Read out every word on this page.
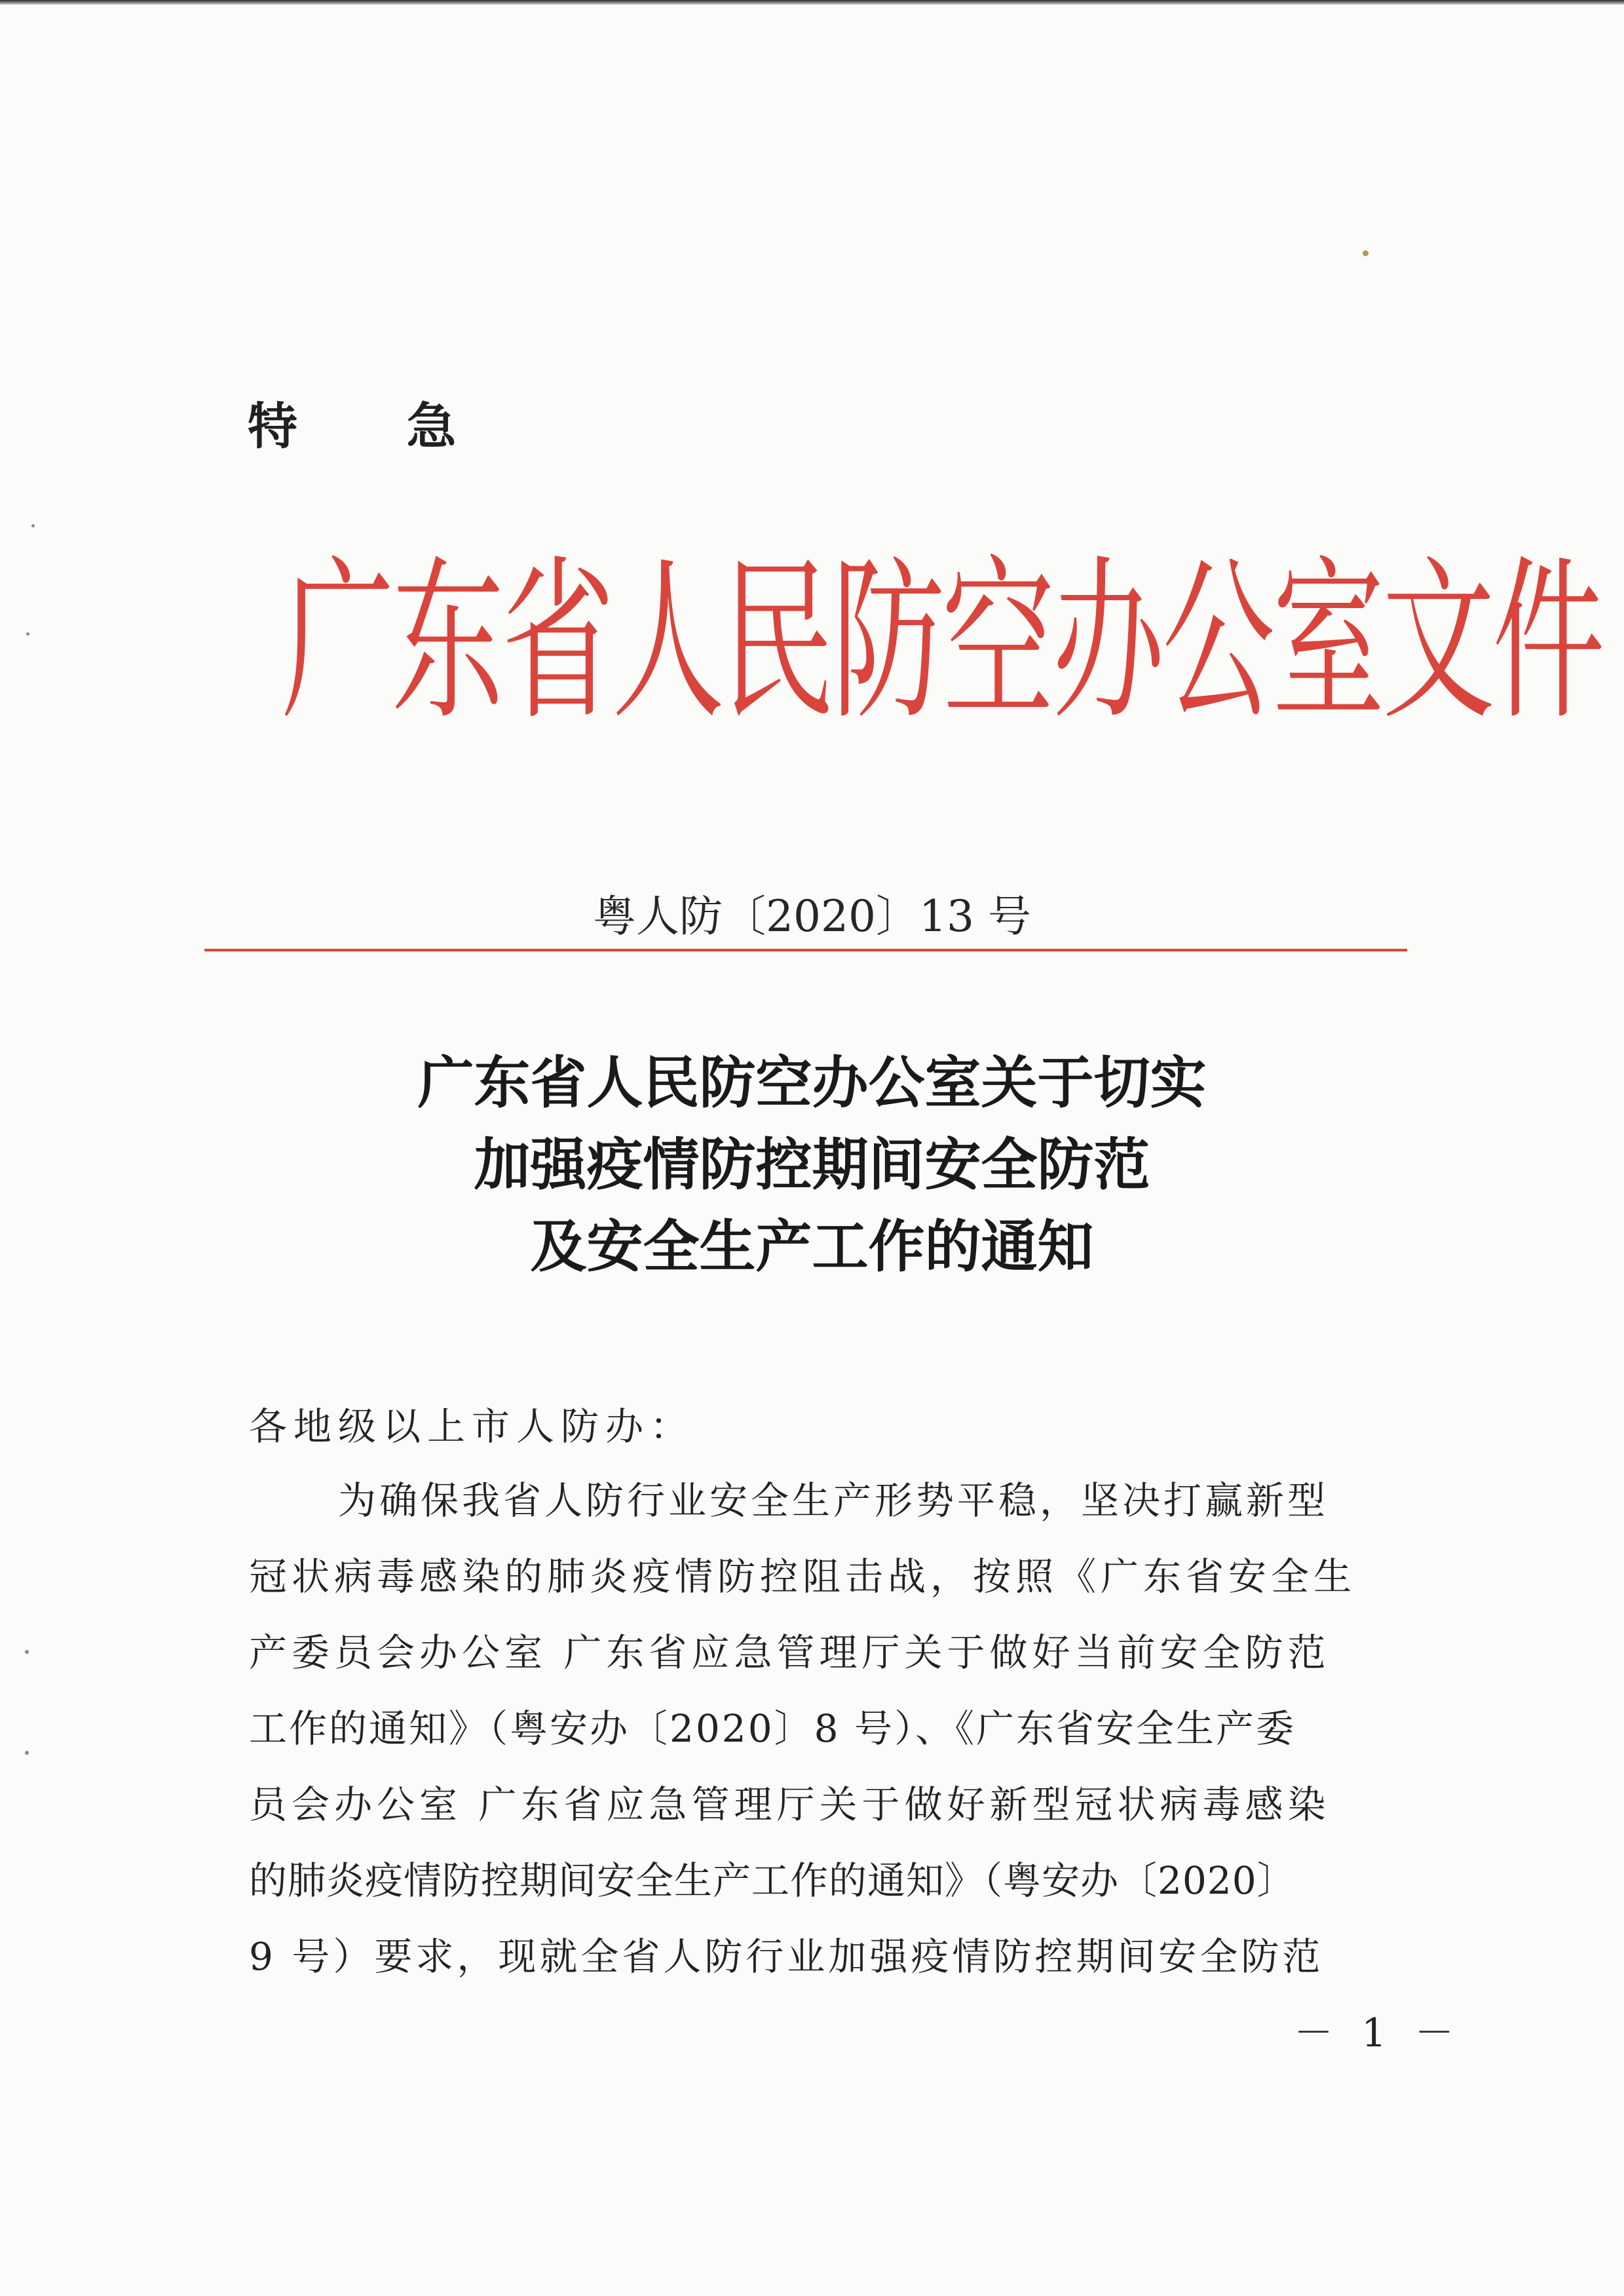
特 急
广东省人民防空办公室文件
粤人防〔2020〕13 号
广东省人民防空办公室关于切实
加强疫情防控期间安全防范
及安全生产工作的通知
各地级以上市人防办：
为确保我省人防行业安全生产形势平稳，坚决打赢新型
冠状病毒感染的肺炎疫情防控阻击战，按照《广东省安全生
产委员会办公室 广东省应急管理厅关于做好当前安全防范
工作的通知》（粤安办〔2020〕8 号）、《广东省安全生产委
员会办公室 广东省应急管理厅关于做好新型冠状病毒感染
的肺炎疫情防控期间安全生产工作的通知》（粤安办〔2020〕
9 号）要求，现就全省人防行业加强疫情防控期间安全防范
－ 1 －
